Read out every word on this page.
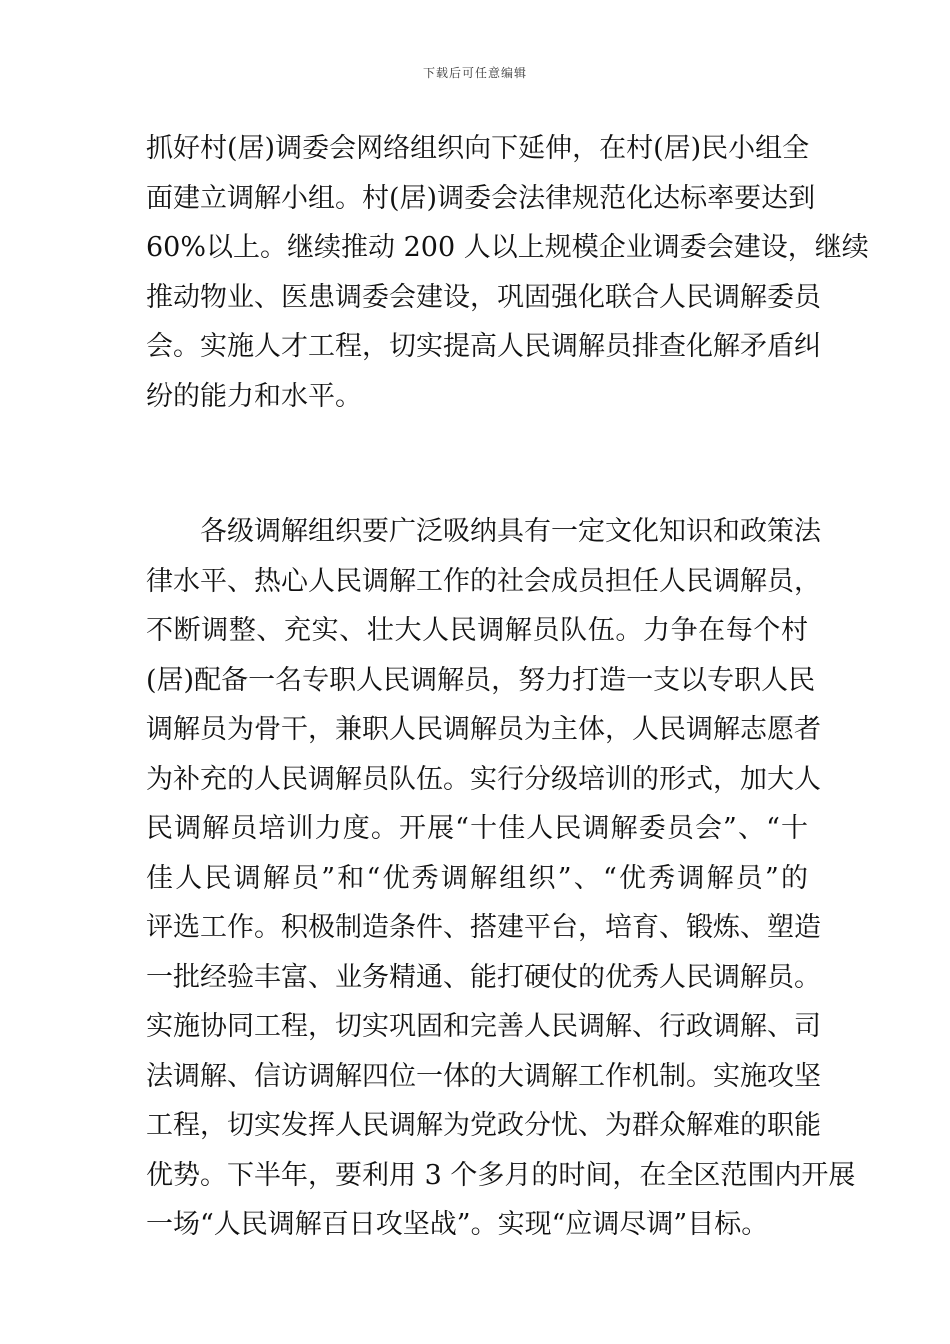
下载后可任意编辑
抓好村(居)调委会网络组织向下延伸，在村(居)民小组全
面建立调解小组。村(居)调委会法律规范化达标率要达到
60%以上。继续推动 200 人以上规模企业调委会建设，继续
推动物业、医患调委会建设，巩固强化联合人民调解委员
会。实施人才工程，切实提高人民调解员排查化解矛盾纠
纷的能力和水平。
　　各级调解组织要广泛吸纳具有一定文化知识和政策法
律水平、热心人民调解工作的社会成员担任人民调解员，
不断调整、充实、壮大人民调解员队伍。力争在每个村
(居)配备一名专职人民调解员，努力打造一支以专职人民
调解员为骨干，兼职人民调解员为主体，人民调解志愿者
为补充的人民调解员队伍。实行分级培训的形式，加大人
民调解员培训力度。开展“十佳人民调解委员会”、“十
佳人民调解员”和“优秀调解组织”、“优秀调解员”的
评选工作。积极制造条件、搭建平台，培育、锻炼、塑造
一批经验丰富、业务精通、能打硬仗的优秀人民调解员。
实施协同工程，切实巩固和完善人民调解、行政调解、司
法调解、信访调解四位一体的大调解工作机制。实施攻坚
工程，切实发挥人民调解为党政分忧、为群众解难的职能
优势。下半年，要利用 3 个多月的时间，在全区范围内开展
一场“人民调解百日攻坚战”。实现“应调尽调”目标。
